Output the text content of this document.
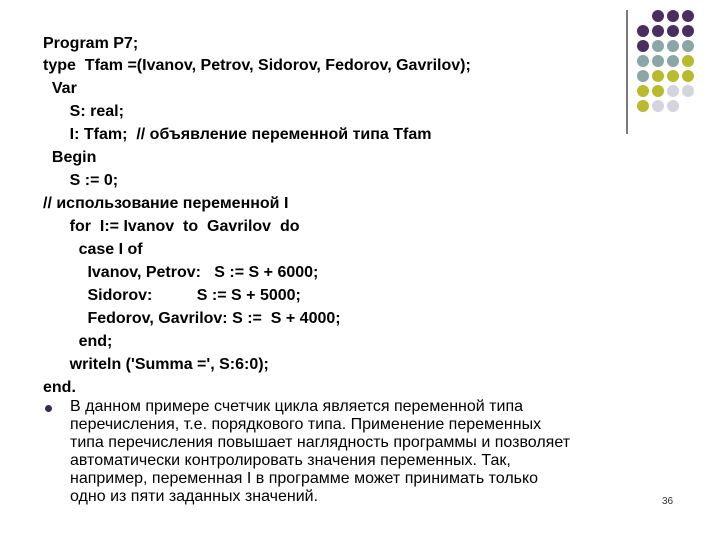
Program P7;
type  Tfam =(Ivanov, Petrov, Sidorov, Fedorov, Gavrilov);
Var
S: real;
I: Tfam;  // объявление переменной типа Tfam
Begin
S := 0;
// использование переменной I
for  I:= Ivanov  to  Gavrilov  do
case I of
Ivanov, Petrov:   S := S + 6000;
Sidorov:          S := S + 5000;
Fedorov, Gavrilov: S :=  S + 4000;
end;
writeln ('Summa =', S:6:0);
end.
В данном примере счетчик цикла является переменной типа
перечисления, т.е. порядкового типа. Применение переменных
типа перечисления повышает наглядность программы и позволяет
автоматически контролировать значения переменных. Так,
например, переменная I в программе может принимать только
одно из пяти заданных значений.	36
